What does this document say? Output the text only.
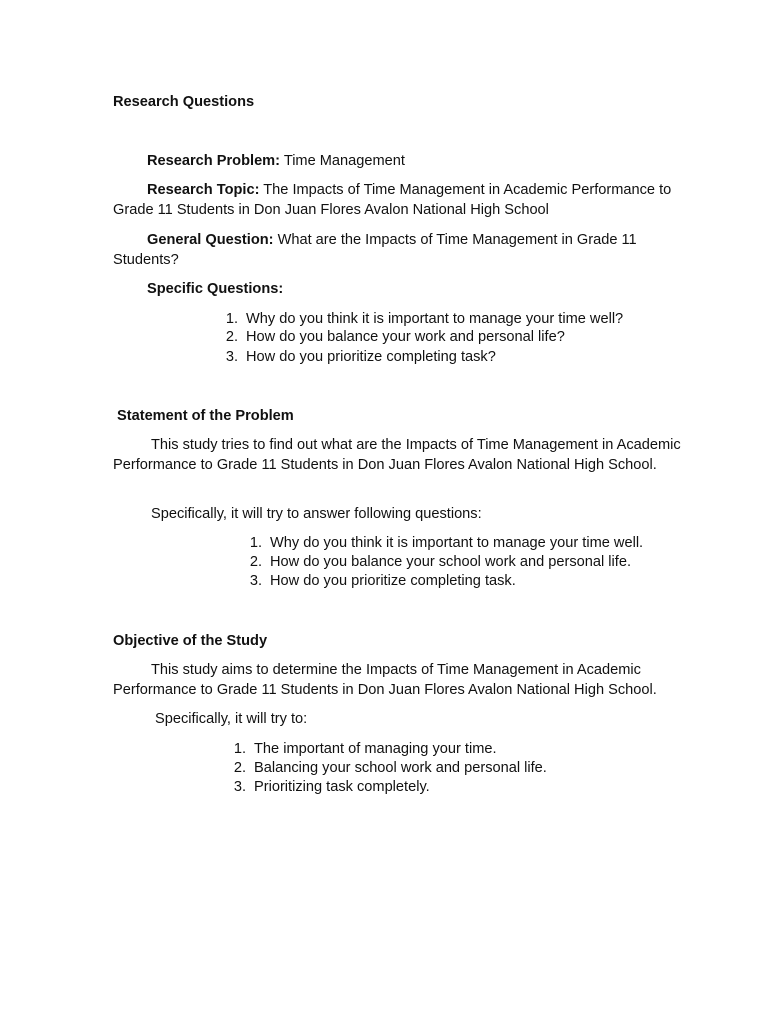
Research Questions
Research Problem: Time Management
Research Topic: The Impacts of Time Management in Academic Performance to Grade 11 Students in Don Juan Flores Avalon National High School
General Question: What are the Impacts of Time Management in Grade 11 Students?
Specific Questions:
1. Why do you think it is important to manage your time well?
2. How do you balance your work and personal life?
3. How do you prioritize completing task?
Statement of the Problem
This study tries to find out what are the Impacts of Time Management in Academic Performance to Grade 11 Students in Don Juan Flores Avalon National High School.
Specifically, it will try to answer following questions:
1. Why do you think it is important to manage your time well.
2. How do you balance your school work and personal life.
3. How do you prioritize completing task.
Objective of the Study
This study aims to determine the Impacts of Time Management in Academic Performance to Grade 11 Students in Don Juan Flores Avalon National High School.
Specifically, it will try to:
1. The important of managing your time.
2. Balancing your school work and personal life.
3. Prioritizing task completely.
